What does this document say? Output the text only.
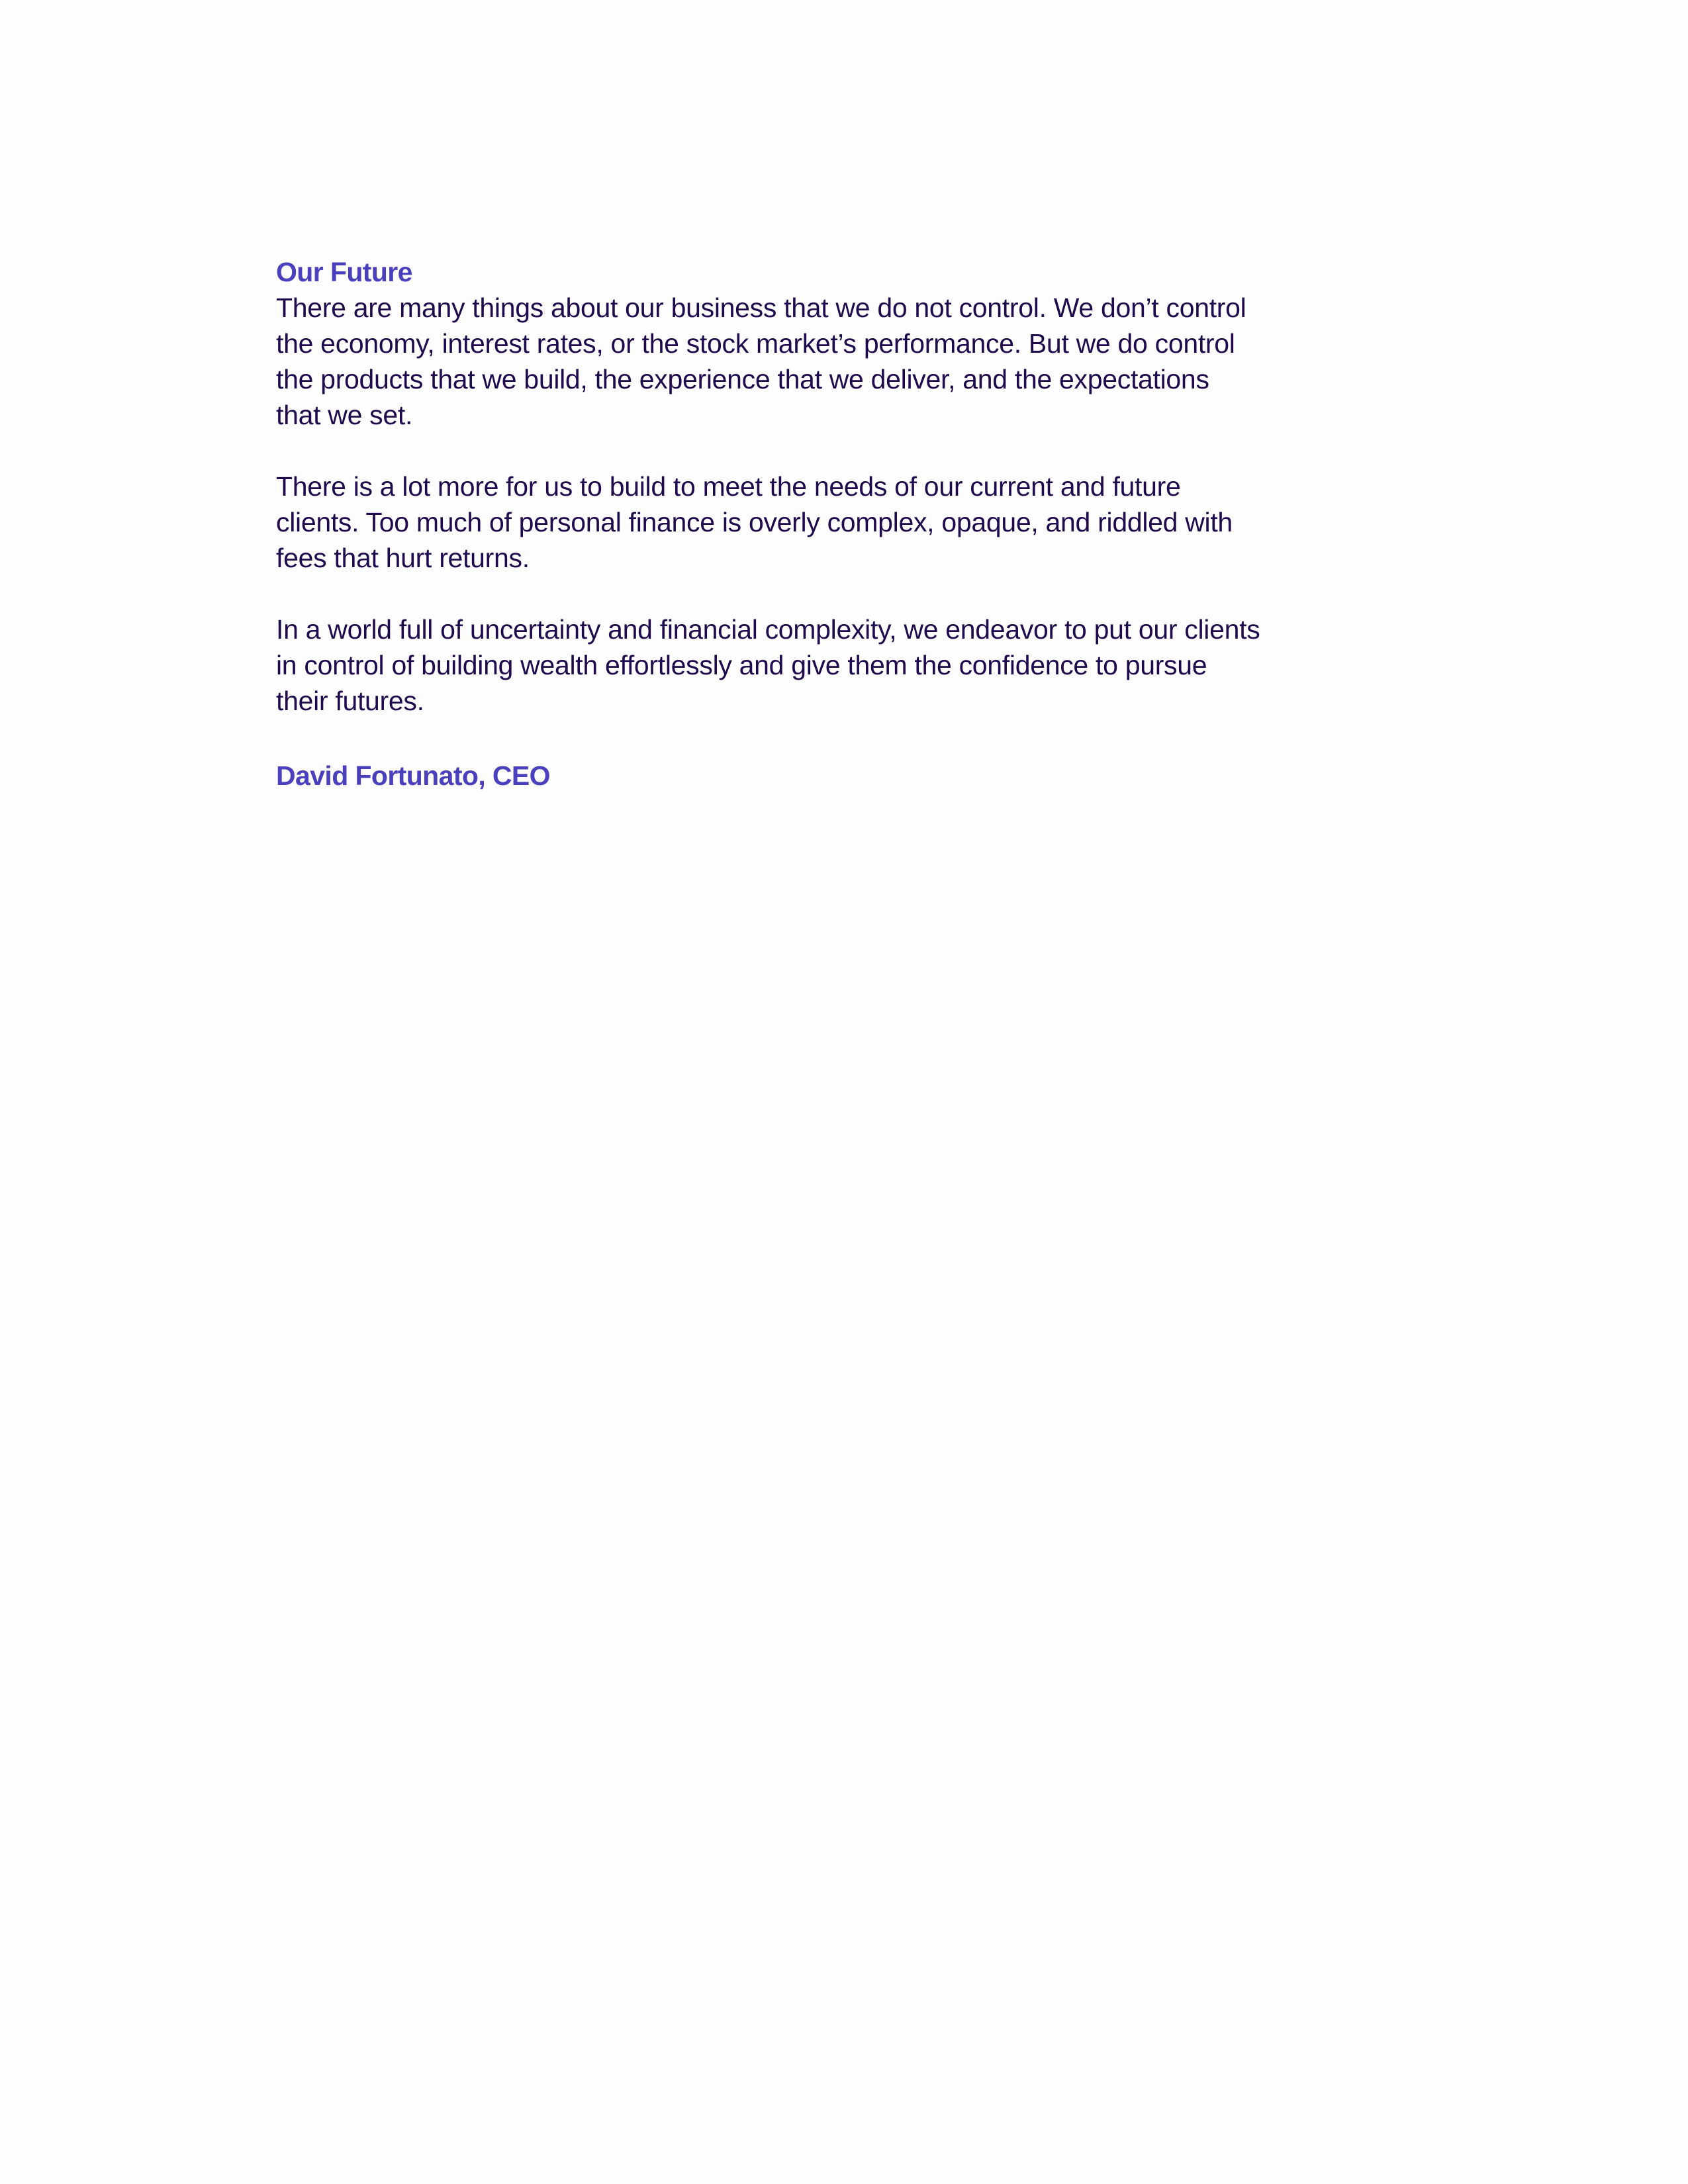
Our Future

There are many things about our business that we do not control. We don’t control
the economy, interest rates, or the stock market’s performance. But we do control
the products that we build, the experience that we deliver, and the expectations
that we set.

There is a lot more for us to build to meet the needs of our current and future
clients. Too much of personal finance is overly complex, opaque, and riddled with
fees that hurt returns.

In a world full of uncertainty and financial complexity, we endeavor to put our clients
in control of building wealth effortlessly and give them the confidence to pursue
their futures.

David Fortunato, CEO
